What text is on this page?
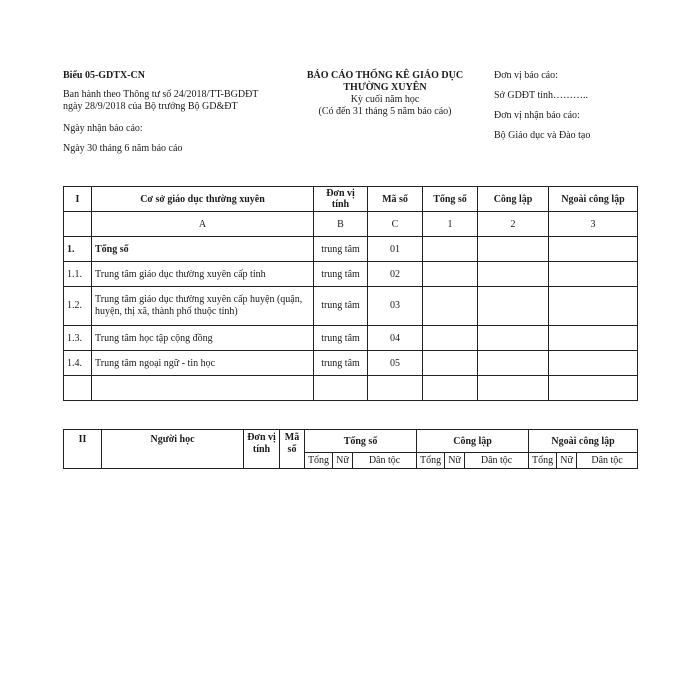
Biểu 05-GDTX-CN
Ban hành theo Thông tư số 24/2018/TT-BGDĐT
ngày 28/9/2018 của Bộ trưởng Bộ GD&ĐT
Ngày nhận báo cáo:
Ngày 30 tháng 6 năm báo cáo
BÁO CÁO THỐNG KÊ GIÁO DỤC
THƯỜNG XUYÊN
Kỳ cuối năm học
(Có đến 31 tháng 5 năm báo cáo)
Đơn vị báo cáo:
Sở GDĐT tỉnh………..
Đơn vị nhận báo cáo:
Bộ Giáo dục và Đào tạo
I	Cơ sở giáo dục thường xuyên	Đơn vị tính	Mã số	Tổng số	Công lập	Ngoài công lập
	A	B	C	1	2	3
1.	Tổng số	trung tâm	01			
1.1.	Trung tâm giáo dục thường xuyên cấp tỉnh	trung tâm	02			
1.2.	Trung tâm giáo dục thường xuyên cấp huyện (quận, huyện, thị xã, thành phố thuộc tỉnh)	trung tâm	03			
1.3.	Trung tâm học tập cộng đồng	trung tâm	04			
1.4.	Trung tâm ngoại ngữ - tin học	trung tâm	05			

II	Người học	Đơn vị tính	Mã số	Tổng số			Công lập			Ngoài công lập		
				Tổng	Nữ	Dân tộc	Tổng	Nữ	Dân tộc	Tổng	Nữ	Dân tộc
